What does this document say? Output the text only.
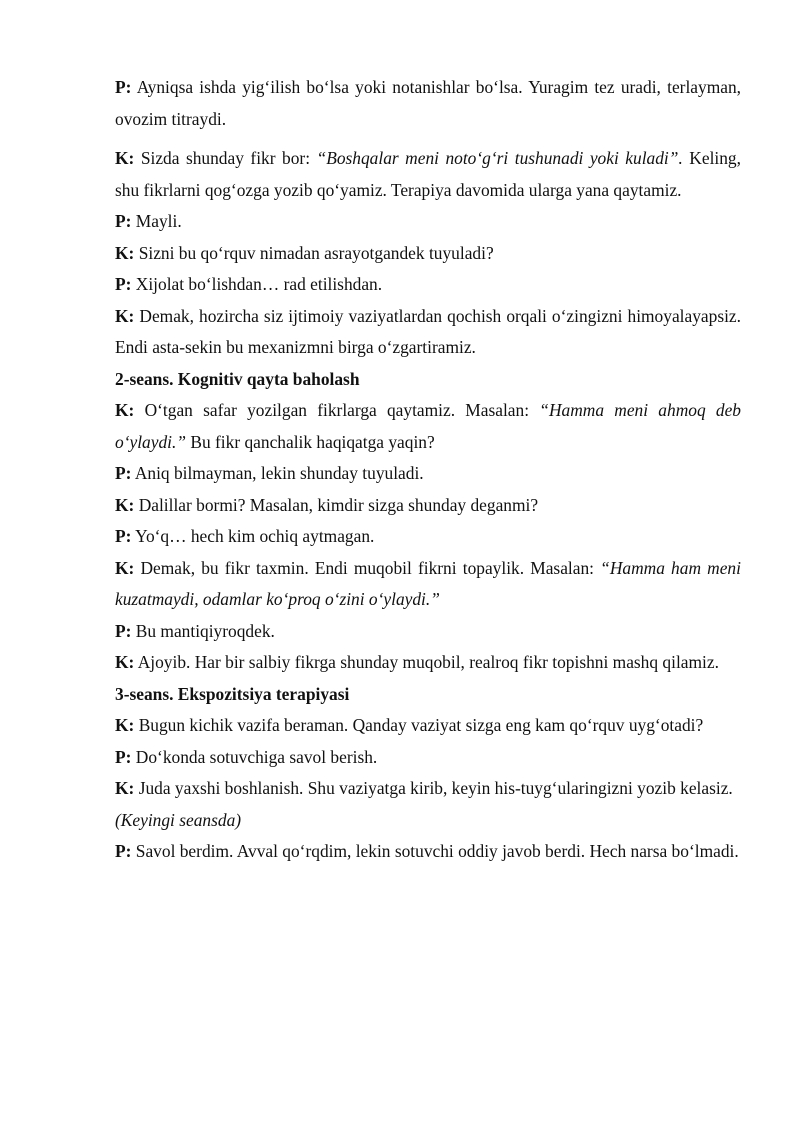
P: Ayniqsa ishda yig‘ilish bo‘lsa yoki notanishlar bo‘lsa. Yuragim tez uradi, terlayman, ovozim titraydi.

K: Sizda shunday fikr bor: “Boshqalar meni noto‘g‘ri tushunadi yoki kuladi”. Keling, shu fikrlarni qog‘ozga yozib qo‘yamiz. Terapiya davomida ularga yana qaytamiz.

P: Mayli.

K: Sizni bu qo‘rquv nimadan asrayotgandek tuyuladi?

P: Xijolat bo‘lishdan… rad etilishdan.

K: Demak, hozircha siz ijtimoiy vaziyatlardan qochish orqali o‘zingizni himoyalayapsiz. Endi asta-sekin bu mexanizmni birga o‘zgartiramiz.

2-seans. Kognitiv qayta baholash

K: O‘tgan safar yozilgan fikrlarga qaytamiz. Masalan: “Hamma meni ahmoq deb o‘ylaydi.” Bu fikr qanchalik haqiqatga yaqin?

P: Aniq bilmayman, lekin shunday tuyuladi.

K: Dalillar bormi? Masalan, kimdir sizga shunday deganmi?

P: Yo‘q… hech kim ochiq aytmagan.

K: Demak, bu fikr taxmin. Endi muqobil fikrni topaylik. Masalan: “Hamma ham meni kuzatmaydi, odamlar ko‘proq o‘zini o‘ylaydi.”

P: Bu mantiqiyroqdek.

K: Ajoyib. Har bir salbiy fikrga shunday muqobil, realroq fikr topishni mashq qilamiz.

3-seans. Ekspozitsiya terapiyasi

K: Bugun kichik vazifa beraman. Qanday vaziyat sizga eng kam qo‘rquv uyg‘otadi?

P: Do‘konda sotuvchiga savol berish.

K: Juda yaxshi boshlanish. Shu vaziyatga kirib, keyin his-tuyg‘ularingizni yozib kelasiz.

(Keyingi seansda)

P: Savol berdim. Avval qo‘rqdim, lekin sotuvchi oddiy javob berdi. Hech narsa bo‘lmadi.
